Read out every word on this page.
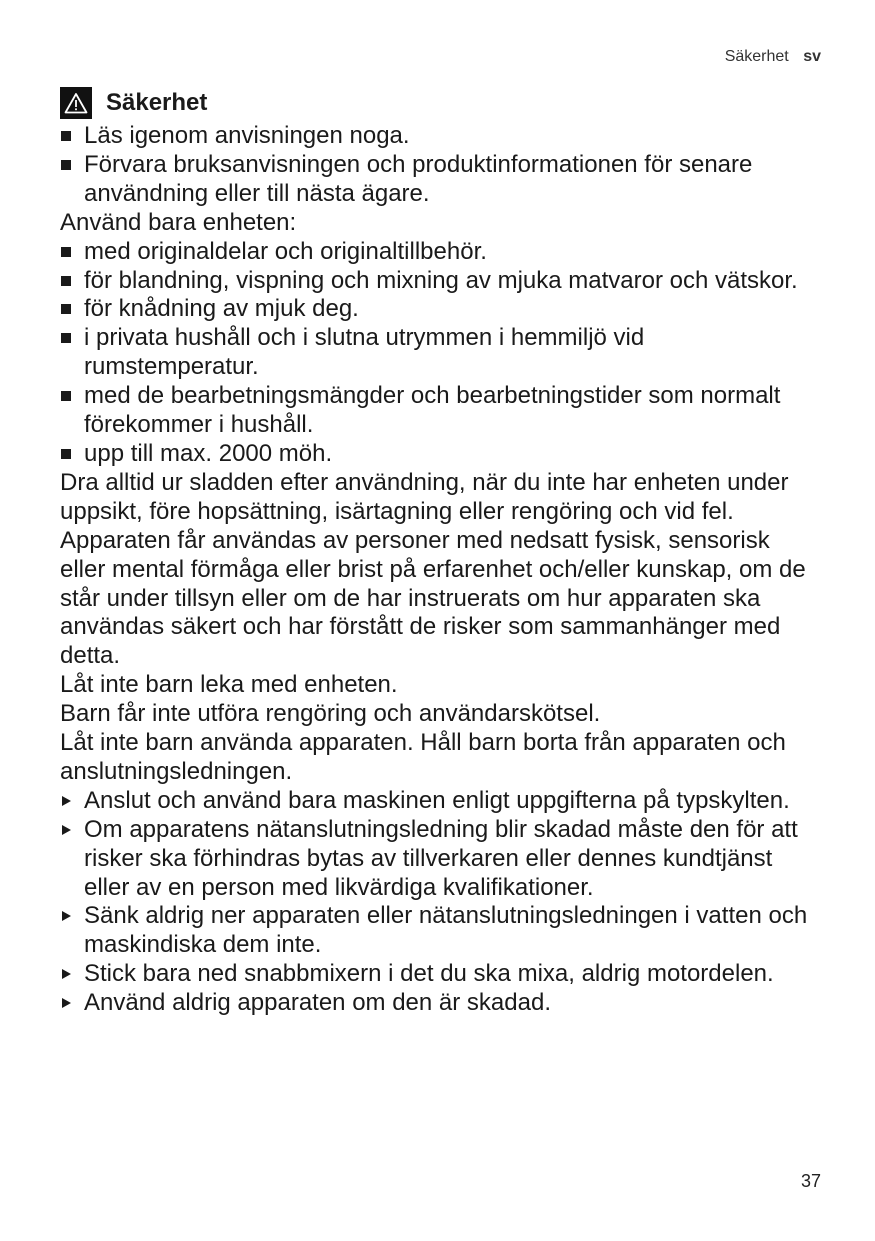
Säkerhet sv
Säkerhet
Läs igenom anvisningen noga.
Förvara bruksanvisningen och produktinformationen för senare användning eller till nästa ägare.

Använd bara enheten:

med originaldelar och originaltillbehör.
för blandning, vispning och mixning av mjuka matvaror och vätskor.
för knådning av mjuk deg.
i privata hushåll och i slutna utrymmen i hemmiljö vid rumstemperatur.
med de bearbetningsmängder och bearbetningstider som normalt förekommer i hushåll.
upp till max. 2000 möh.

Dra alltid ur sladden efter användning, när du inte har enheten under uppsikt, före hopsättning, isärtagning eller rengöring och vid fel.

Apparaten får användas av personer med nedsatt fysisk, sensorisk eller mental förmåga eller brist på erfarenhet och/eller kunskap, om de står under tillsyn eller om de har instruerats om hur apparaten ska användas säkert och har förstått de risker som sammanhänger med detta.

Låt inte barn leka med enheten.

Barn får inte utföra rengöring och användarskötsel.

Låt inte barn använda apparaten. Håll barn borta från apparaten och anslutningsledningen.

Anslut och använd bara maskinen enligt uppgifterna på typskylten.
Om apparatens nätanslutningsledning blir skadad måste den för att risker ska förhindras bytas av tillverkaren eller dennes kundtjänst eller av en person med likvärdiga kvalifikationer.
Sänk aldrig ner apparaten eller nätanslutningsledningen i vatten och maskindiska dem inte.
Stick bara ned snabbmixern i det du ska mixa, aldrig motordelen.
Använd aldrig apparaten om den är skadad.
37
